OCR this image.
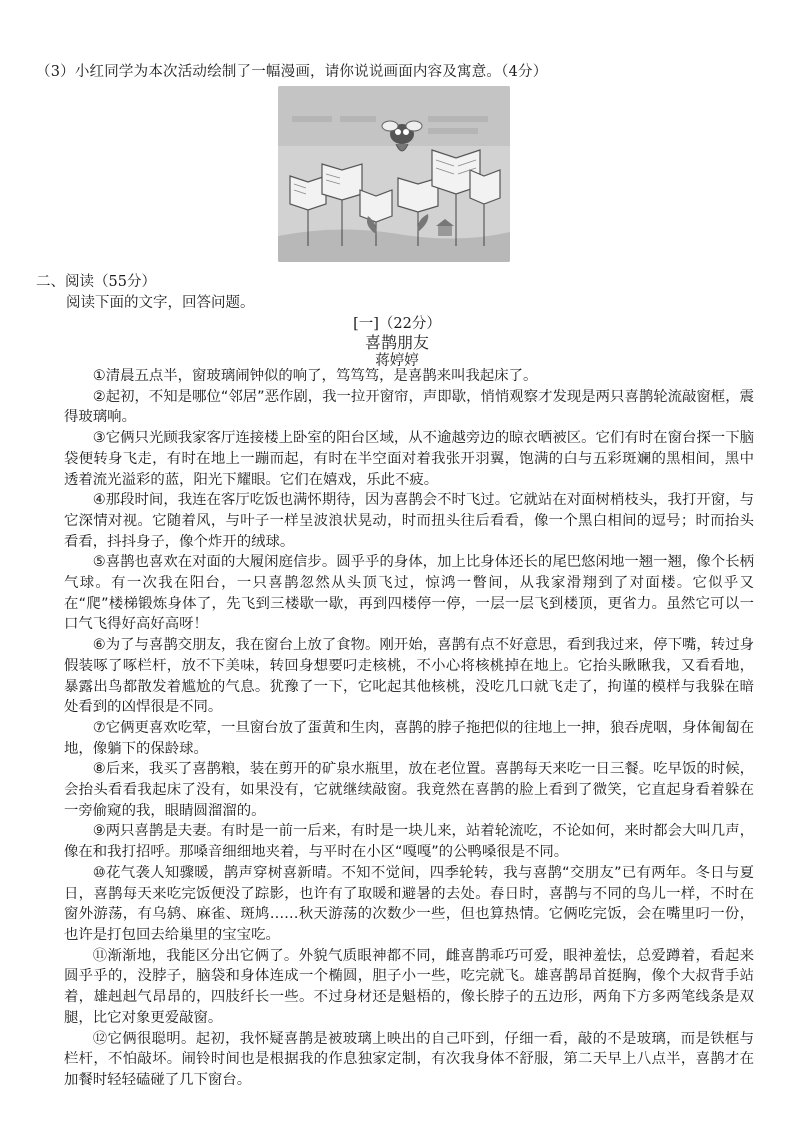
（3）小红同学为本次活动绘制了一幅漫画，请你说说画面内容及寓意。（4分）
二、阅读（55分）
阅读下面的文字，回答问题。
[一]（22分）
喜鹊朋友
蒋婷婷

①清晨五点半，窗玻璃闹钟似的响了，笃笃笃，是喜鹊来叫我起床了。

②起初，不知是哪位“邻居”恶作剧，我一拉开窗帘，声即歇，悄悄观察才发现是两只喜鹊轮流敲窗框，震得玻璃响。

③它俩只光顾我家客厅连接楼上卧室的阳台区域，从不逾越旁边的晾衣晒被区。它们有时在窗台探一下脑袋便转身飞走，有时在地上一蹦而起，有时在半空面对着我张开羽翼，饱满的白与五彩斑斓的黑相间，黑中透着流光溢彩的蓝，阳光下耀眼。它们在嬉戏，乐此不疲。

④那段时间，我连在客厅吃饭也满怀期待，因为喜鹊会不时飞过。它就站在对面树梢枝头，我打开窗，与它深情对视。它随着风，与叶子一样呈波浪状晃动，时而扭头往后看看，像一个黑白相间的逗号；时而抬头看看，抖抖身子，像个炸开的绒球。

⑤喜鹊也喜欢在对面的大履闲庭信步。圆乎乎的身体，加上比身体还长的尾巴悠闲地一翘一翘，像个长柄气球。有一次我在阳台，一只喜鹊忽然从头顶飞过，惊鸿一瞥间，从我家滑翔到了对面楼。它似乎又在“爬”楼梯锻炼身体了，先飞到三楼歇一歇，再到四楼停一停，一层一层飞到楼顶，更省力。虽然它可以一口气飞得好高好高呀！

⑥为了与喜鹊交朋友，我在窗台上放了食物。刚开始，喜鹊有点不好意思，看到我过来，停下嘴，转过身假装啄了啄栏杆，放不下美味，转回身想要叼走核桃，不小心将核桃掉在地上。它抬头瞅瞅我，又看看地，暴露出鸟都散发着尴尬的气息。犹豫了一下，它叱起其他核桃，没吃几口就飞走了，拘谨的模样与我躲在暗处看到的凶悍很是不同。

⑦它俩更喜欢吃荤，一旦窗台放了蛋黄和生肉，喜鹊的脖子拖把似的往地上一抻，狼吞虎咽，身体匍匐在地，像躺下的保龄球。

⑧后来，我买了喜鹊粮，装在剪开的矿泉水瓶里，放在老位置。喜鹊每天来吃一日三餐。吃早饭的时候，会抬头看看我起床了没有，如果没有，它就继续敲窗。我竟然在喜鹊的脸上看到了微笑，它直起身看着躲在一旁偷窥的我，眼睛圆溜溜的。

⑨两只喜鹊是夫妻。有时是一前一后来，有时是一块儿来，站着轮流吃，不论如何，来时都会大叫几声，像在和我打招呼。那嗓音细细地夹着，与平时在小区“嘎嘎”的公鸭嗓很是不同。

⑩花气袭人知骤暖，鹊声穿树喜新晴。不知不觉间，四季轮转，我与喜鹊“交朋友”已有两年。冬日与夏日，喜鹊每天来吃完饭便没了踪影，也许有了取暖和避暑的去处。春日时，喜鹊与不同的鸟儿一样，不时在窗外游荡，有乌鸫、麻雀、斑鸠……秋天游荡的次数少一些，但也算热情。它俩吃完饭，会在嘴里叼一份，也许是打包回去给巢里的宝宝吃。

⑪渐渐地，我能区分出它俩了。外貌气质眼神都不同，雌喜鹊乖巧可爱，眼神羞怯，总爱蹲着，看起来圆乎乎的，没脖子，脑袋和身体连成一个椭圆，胆子小一些，吃完就飞。雄喜鹊昂首挺胸，像个大叔背手站着，雄赳赳气昂昂的，四肢纤长一些。不过身材还是魁梧的，像长脖子的五边形，两角下方多两笔线条是双腿，比它对象更爱敲窗。

⑫它俩很聪明。起初，我怀疑喜鹊是被玻璃上映出的自己吓到，仔细一看，敲的不是玻璃，而是铁框与栏杆，不怕敲坏。闹铃时间也是根据我的作息独家定制，有次我身体不舒服，第二天早上八点半，喜鹊才在加餐时轻轻磕碰了几下窗台。
